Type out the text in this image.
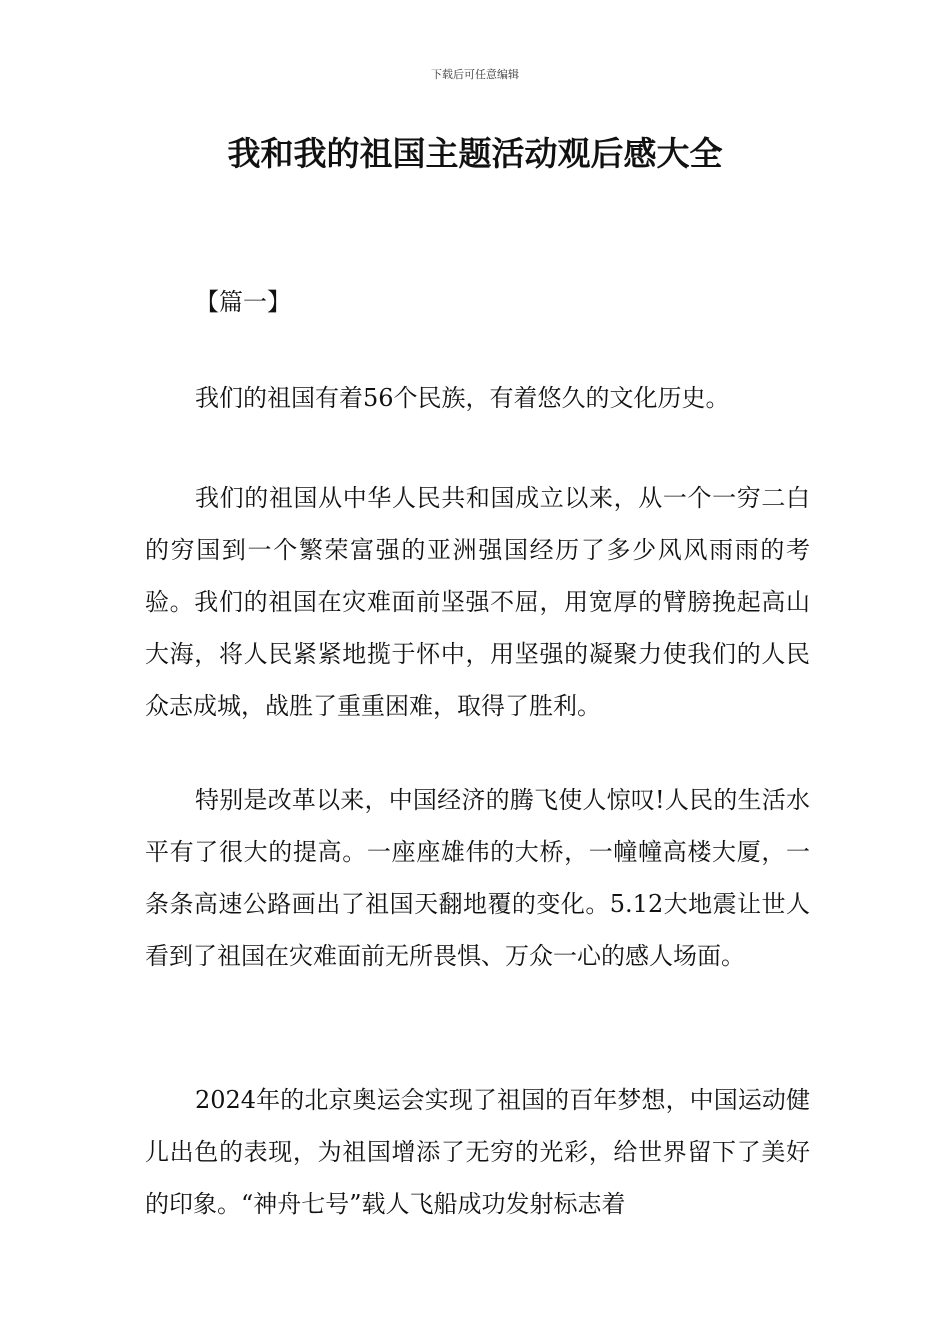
下载后可任意编辑
我和我的祖国主题活动观后感大全
【篇一】

我们的祖国有着56个民族，有着悠久的文化历史。

我们的祖国从中华人民共和国成立以来，从一个一穷二白的穷国到一个繁荣富强的亚洲强国经历了多少风风雨雨的考验。我们的祖国在灾难面前坚强不屈，用宽厚的臂膀挽起高山大海，将人民紧紧地揽于怀中，用坚强的凝聚力使我们的人民众志成城，战胜了重重困难，取得了胜利。

特别是改革以来，中国经济的腾飞使人惊叹!人民的生活水平有了很大的提高。一座座雄伟的大桥，一幢幢高楼大厦，一条条高速公路画出了祖国天翻地覆的变化。5.12大地震让世人看到了祖国在灾难面前无所畏惧、万众一心的感人场面。

2024年的北京奥运会实现了祖国的百年梦想，中国运动健儿出色的表现，为祖国增添了无穷的光彩，给世界留下了美好的印象。“神舟七号”载人飞船成功发射标志着
